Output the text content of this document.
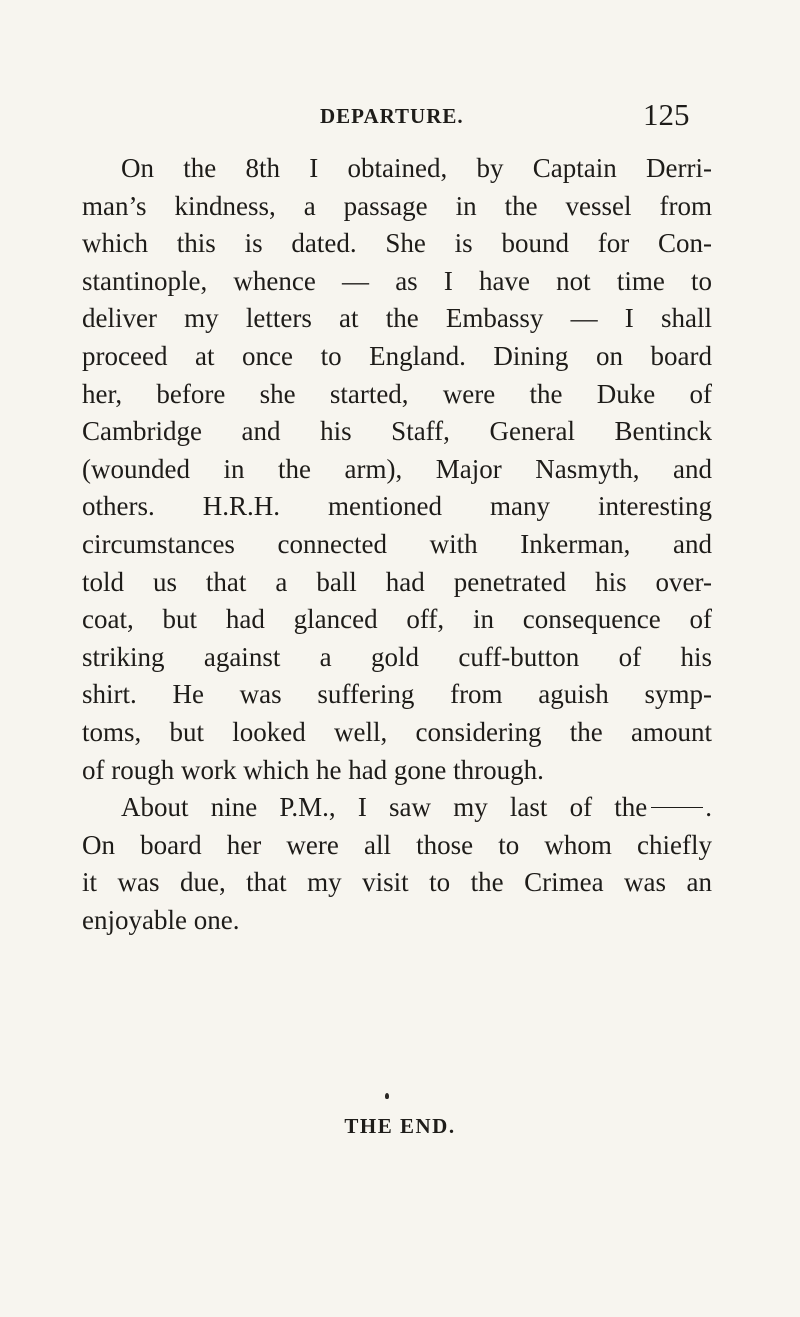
DEPARTURE.	125
On the 8th I obtained, by Captain Derri-
man’s kindness, a passage in the vessel from
which this is dated. She is bound for Con-
stantinople, whence — as I have not time to
deliver my letters at the Embassy — I shall
proceed at once to England. Dining on board
her, before she started, were the Duke of
Cambridge and his Staff, General Bentinck
(wounded in the arm), Major Nasmyth, and
others. H.R.H. mentioned many interesting
circumstances connected with Inkerman, and
told us that a ball had penetrated his over-
coat, but had glanced off, in consequence of
striking against a gold cuff-button of his
shirt. He was suffering from aguish symp-
toms, but looked well, considering the amount
of rough work which he had gone through.
About nine P.M., I saw my last of the .
On board her were all those to whom chiefly
it was due, that my visit to the Crimea was an
enjoyable one.
THE END.
